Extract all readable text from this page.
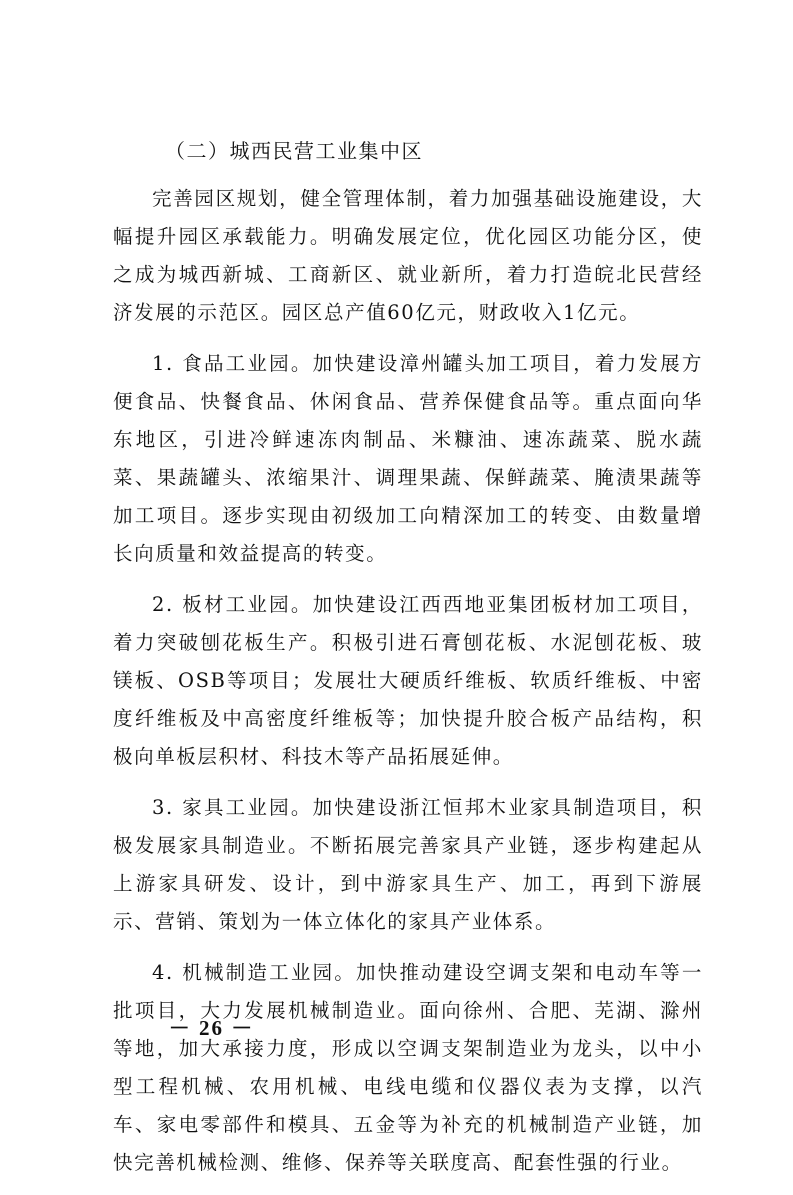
（二）城西民营工业集中区

完善园区规划，健全管理体制，着力加强基础设施建设，大幅提升园区承载能力。明确发展定位，优化园区功能分区，使之成为城西新城、工商新区、就业新所，着力打造皖北民营经济发展的示范区。园区总产值60亿元，财政收入1亿元。

1. 食品工业园。加快建设漳州罐头加工项目，着力发展方便食品、快餐食品、休闲食品、营养保健食品等。重点面向华东地区，引进冷鲜速冻肉制品、米糠油、速冻蔬菜、脱水蔬菜、果蔬罐头、浓缩果汁、调理果蔬、保鲜蔬菜、腌渍果蔬等加工项目。逐步实现由初级加工向精深加工的转变、由数量增长向质量和效益提高的转变。

2. 板材工业园。加快建设江西西地亚集团板材加工项目，着力突破刨花板生产。积极引进石膏刨花板、水泥刨花板、玻镁板、OSB等项目；发展壮大硬质纤维板、软质纤维板、中密度纤维板及中高密度纤维板等；加快提升胶合板产品结构，积极向单板层积材、科技木等产品拓展延伸。

3. 家具工业园。加快建设浙江恒邦木业家具制造项目，积极发展家具制造业。不断拓展完善家具产业链，逐步构建起从上游家具研发、设计，到中游家具生产、加工，再到下游展示、营销、策划为一体立体化的家具产业体系。

4. 机械制造工业园。加快推动建设空调支架和电动车等一批项目，大力发展机械制造业。面向徐州、合肥、芜湖、滁州等地，加大承接力度，形成以空调支架制造业为龙头，以中小型工程机械、农用机械、电线电缆和仪器仪表为支撑，以汽车、家电零部件和模具、五金等为补充的机械制造产业链，加快完善机械检测、维修、保养等关联度高、配套性强的行业。

－ 26 －
